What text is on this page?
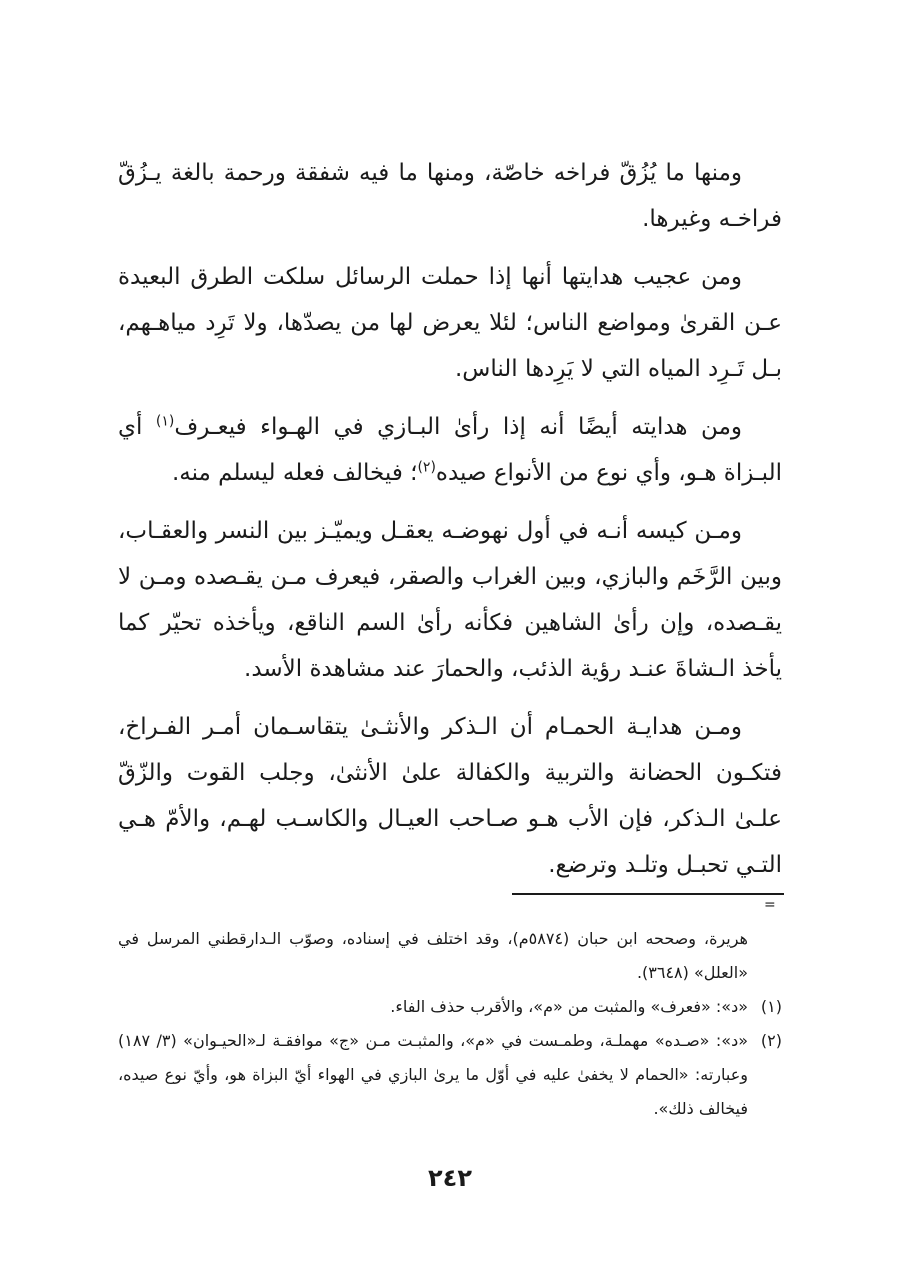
ومنها ما يُزُقّ فراخه خاصّة، ومنها ما فيه شفقة ورحمة بالغة يـزُقّ فراخـه وغيرها.

ومن عجيب هدايتها أنها إذا حملت الرسائل سلكت الطرق البعيدة عـن القرىٰ ومواضع الناس؛ لئلا يعرض لها من يصدّها، ولا تَرِد مياهـهم، بـل تَـرِد المياه التي لا يَرِدها الناس.

ومن هدايته أيضًا أنه إذا رأىٰ البـازي في الهـواء فيعـرف$^{(١)}$ أي البـزاة هـو، وأي نوع من الأنواع صيده$^{(٢)}$؛ فيخالف فعله ليسلم منه.

ومـن كيسه أنـه في أول نهوضـه يعقـل ويميّـز بين النسر والعقـاب، وبين الرَّخَم والبازي، وبين الغراب والصقر، فيعرف مـن يقـصده ومـن لا يقـصده، وإن رأىٰ الشاهين فكأنه رأىٰ السم الناقع، ويأخذه تحيّر كما يأخذ الـشاةَ عنـد رؤية الذئب، والحمارَ عند مشاهدة الأسد.

ومـن هدايـة الحمـام أن الـذكر والأنثـىٰ يتقاسـمان أمـر الفـراخ، فتكـون الحضانة والتربية والكفالة علىٰ الأنثىٰ، وجلب القوت والزّقّ علـىٰ الـذكر، فإن الأب هـو صـاحب العيـال والكاسـب لهـم، والأمّ هـي التـي تحبـل وتلـد وترضع.

=

هريرة، وصححه ابن حبان (٥٨٧٤م)، وقد اختلف في إسناده، وصوّب الـدارقطني المرسل في «العلل» (٣٦٤٨).

(١)
«د»: «فعرف» والمثبت من «م»، والأقرب حذف الفاء.
(٢)
«د»: «صـده» مهملـة، وطمـست في «م»، والمثبـت مـن «ج» موافقـة لـ«الحيـوان» (٣/ ١٨٧) وعبارته: «الحمام لا يخفىٰ عليه في أوّل ما يرىٰ البازي في الهواء أيّ البزاة هو، وأيّ نوع صيده، فيخالف ذلك».
٢٤٢
